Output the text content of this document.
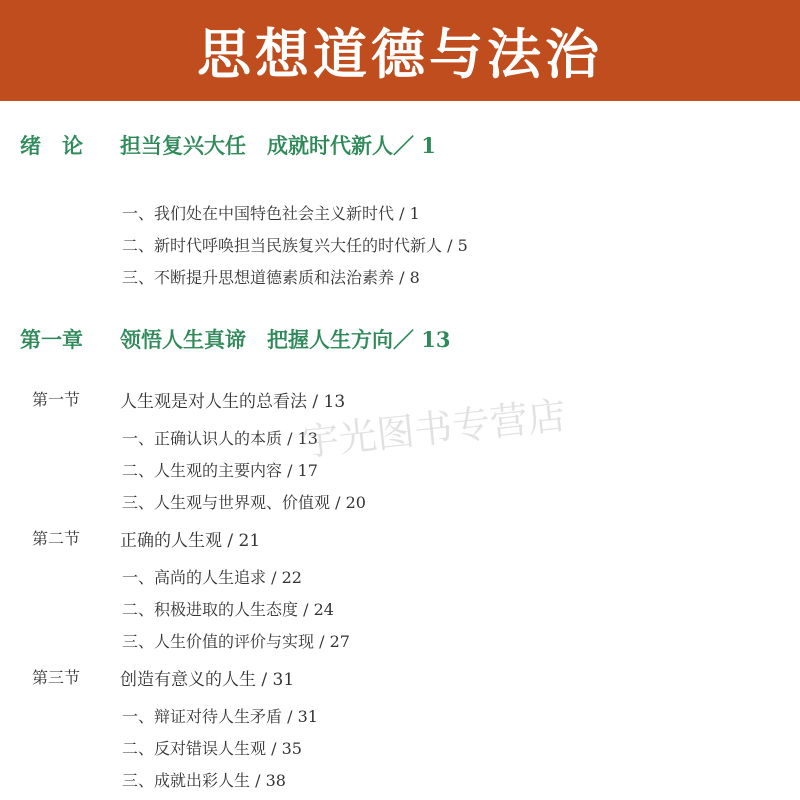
思想道德与法治
绪　论 担当复兴大任　成就时代新人／ 1
一、我们处在中国特色社会主义新时代 / 1
二、新时代呼唤担当民族复兴大任的时代新人 / 5
三、不断提升思想道德素质和法治素养 / 8
第一章 领悟人生真谛　把握人生方向／ 13
第一节 人生观是对人生的总看法 / 13
一、正确认识人的本质 / 13
二、人生观的主要内容 / 17
三、人生观与世界观、价值观 / 20
第二节 正确的人生观 / 21
一、高尚的人生追求 / 22
二、积极进取的人生态度 / 24
三、人生价值的评价与实现 / 27
第三节 创造有意义的人生 / 31
一、辩证对待人生矛盾 / 31
二、反对错误人生观 / 35
三、成就出彩人生 / 38
宇光图书专营店
